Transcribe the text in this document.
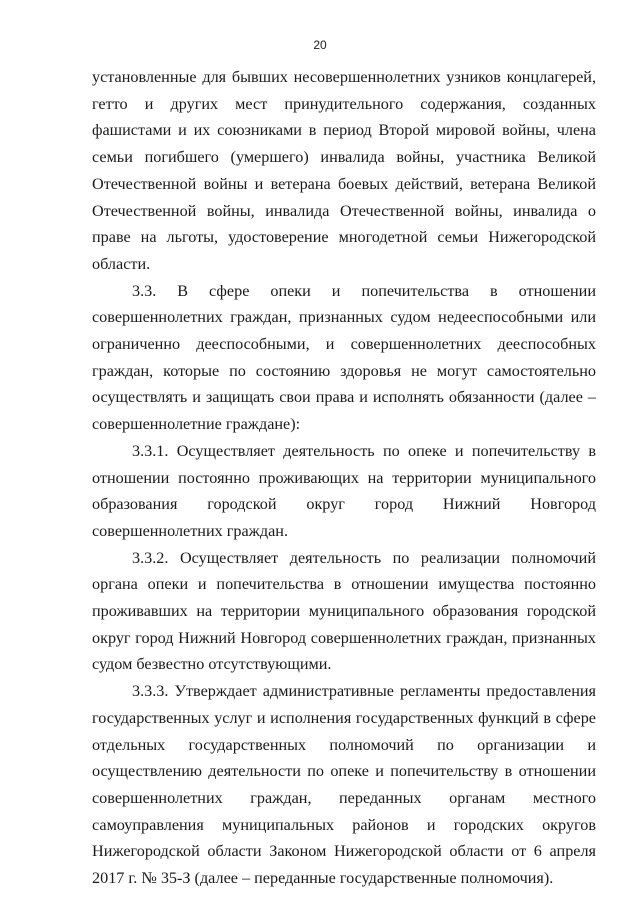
20

установленные для бывших несовершеннолетних узников концлагерей, гетто и других мест принудительного содержания, созданных фашистами и их союзниками в период Второй мировой войны, члена семьи погибшего (умершего) инвалида войны, участника Великой Отечественной войны и ветерана боевых действий, ветерана Великой Отечественной войны, инвалида Отечественной войны, инвалида о праве на льготы, удостоверение многодетной семьи Нижегородской области.

3.3. В сфере опеки и попечительства в отношении совершеннолетних граждан, признанных судом недееспособными или ограниченно дееспособными, и совершеннолетних дееспособных граждан, которые по состоянию здоровья не могут самостоятельно осуществлять и защищать свои права и исполнять обязанности (далее – совершеннолетние граждане):

3.3.1. Осуществляет деятельность по опеке и попечительству в отношении постоянно проживающих на территории муниципального образования городской округ город Нижний Новгород совершеннолетних граждан.

3.3.2. Осуществляет деятельность по реализации полномочий органа опеки и попечительства в отношении имущества постоянно проживавших на территории муниципального образования городской округ город Нижний Новгород совершеннолетних граждан, признанных судом безвестно отсутствующими.

3.3.3. Утверждает административные регламенты предоставления государственных услуг и исполнения государственных функций в сфере отдельных государственных полномочий по организации и осуществлению деятельности по опеке и попечительству в отношении совершеннолетних граждан, переданных органам местного самоуправления муниципальных районов и городских округов Нижегородской области Законом Нижегородской области от 6 апреля 2017 г. № 35-З (далее – переданные государственные полномочия).
